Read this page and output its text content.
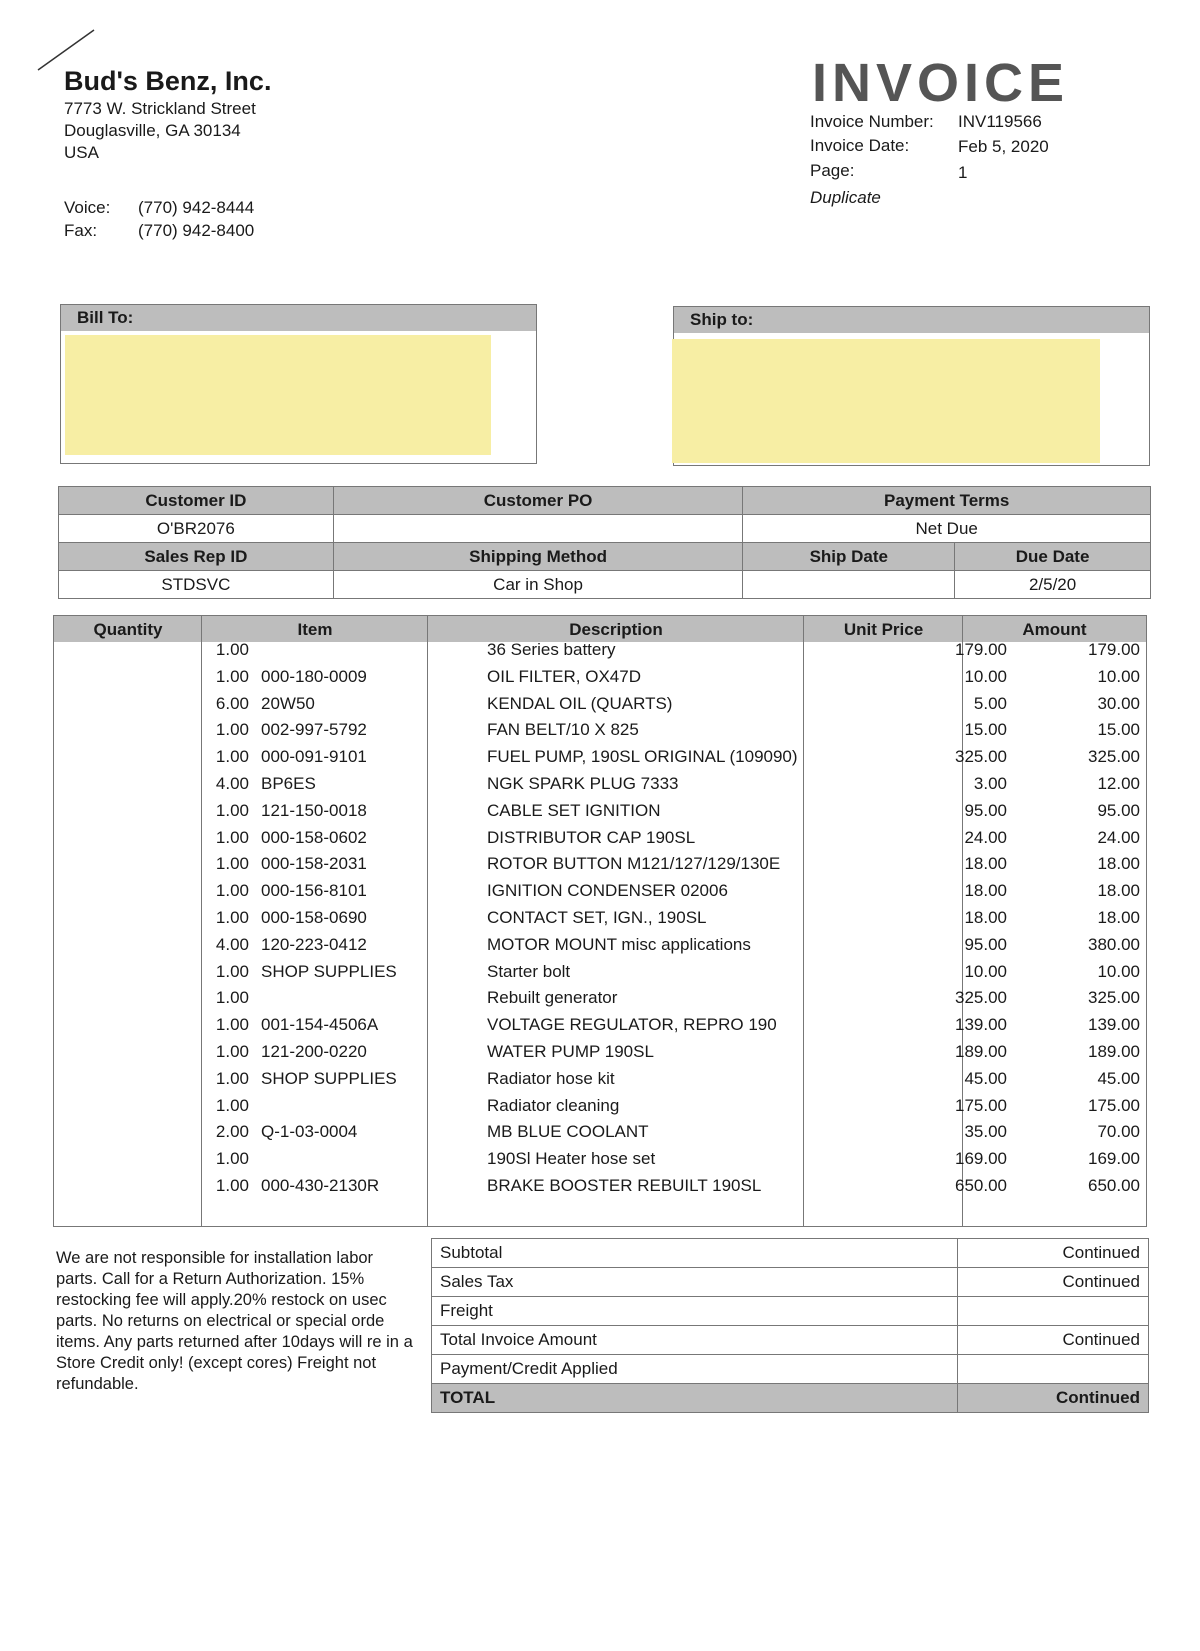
Bud's Benz, Inc.
7773 W. Strickland Street
Douglasville, GA 30134
USA
Voice: (770) 942-8444
Fax: (770) 942-8400
INVOICE
Invoice Number: INV119566
Invoice Date:	Feb 5, 2020
Page:	1
Duplicate
Bill To:	Ship to:
Customer ID	Customer PO	Payment Terms	
O'BR2076		Net Due	
Sales Rep ID	Shipping Method	Ship Date	Due Date
STDSVC	Car in Shop		2/5/20
Quantity	Item	Description	Unit Price	Amount
1.00	36 Series battery	179.00	179.00
1.00 000-180-0009	OIL FILTER, OX47D	10.00	10.00
6.00 20W50	KENDAL OIL (QUARTS)	5.00	30.00
1.00 002-997-5792	FAN BELT/10 X 825	15.00	15.00
1.00 000-091-9101	FUEL PUMP, 190SL ORIGINAL (109090)	325.00	325.00
4.00 BP6ES	NGK SPARK PLUG 7333	3.00	12.00
1.00 121-150-0018	CABLE SET IGNITION	95.00	95.00
1.00 000-158-0602	DISTRIBUTOR CAP 190SL	24.00	24.00
1.00 000-158-2031	ROTOR BUTTON M121/127/129/130E	18.00	18.00
1.00 000-156-8101	IGNITION CONDENSER 02006	18.00	18.00
1.00 000-158-0690	CONTACT SET, IGN., 190SL	18.00	18.00
4.00 120-223-0412	MOTOR MOUNT misc applications	95.00	380.00
1.00 SHOP SUPPLIES	Starter bolt	10.00	10.00
1.00	Rebuilt generator	325.00	325.00
1.00 001-154-4506A	VOLTAGE REGULATOR, REPRO 190	139.00	139.00
1.00 121-200-0220	WATER PUMP 190SL	189.00	189.00
1.00 SHOP SUPPLIES	Radiator hose kit	45.00	45.00
1.00	Radiator cleaning	175.00	175.00
2.00 Q-1-03-0004	MB BLUE COOLANT	35.00	70.00
1.00	190Sl Heater hose set	169.00	169.00
1.00 000-430-2130R	BRAKE BOOSTER REBUILT 190SL	650.00	650.00
We are not responsible for installation labor parts. Call for a Return Authorization. 15% restocking fee will apply.20% restock on usec parts. No returns on electrical or special orde items. Any parts returned after 10days will re in a Store Credit only! (except cores) Freight not refundable.
Subtotal	Continued
Sales Tax	Continued
Freight	
Total Invoice Amount	Continued
Payment/Credit Applied	
TOTAL	Continued
